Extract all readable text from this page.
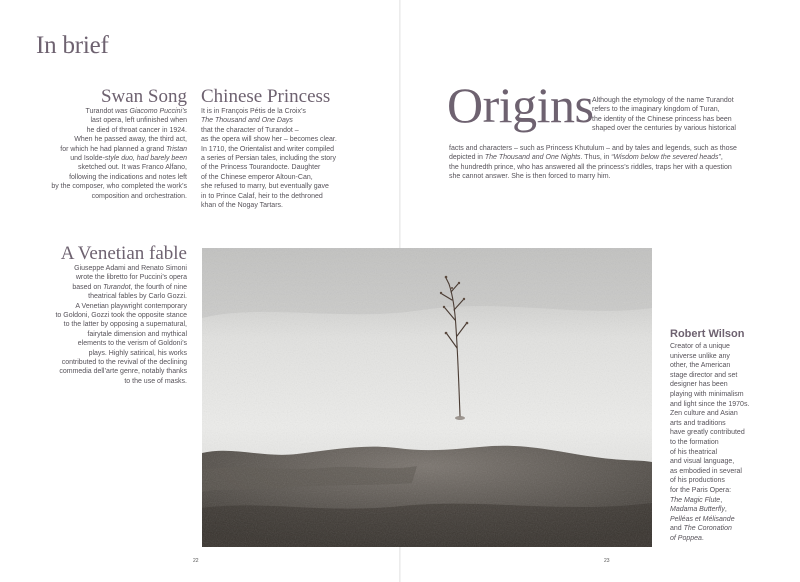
In brief
Swan Song

Turandot was Giacomo Puccini’s
last opera, left unfinished when
he died of throat cancer in 1924.
When he passed away, the third act,
for which he had planned a grand Tristan
und Isolde-style duo, had barely been
sketched out. It was Franco Alfano,
following the indications and notes left
by the composer, who completed the work’s
composition and orchestration.

Chinese Princess

It is in François Pétis de la Croix’s
The Thousand and One Days
that the character of Turandot –
as the opera will show her – becomes clear.
In 1710, the Orientalist and writer compiled
a series of Persian tales, including the story
of the Princess Tourandocte. Daughter
of the Chinese emperor Altoun-Can,
she refused to marry, but eventually gave
in to Prince Calaf, heir to the dethroned
khan of the Nogay Tartars.

Origins

Although the etymology of the name Turandot
refers to the imaginary kingdom of Turan,
the identity of the Chinese princess has been
shaped over the centuries by various historical

facts and characters – such as Princess Khutulum – and by tales and legends, such as those
depicted in The Thousand and One Nights. Thus, in “Wisdom below the severed heads”,
the hundredth prince, who has answered all the princess’s riddles, traps her with a question
she cannot answer. She is then forced to marry him.

A Venetian fable

Giuseppe Adami and Renato Simoni
wrote the libretto for Puccini’s opera
based on Turandot, the fourth of nine
theatrical fables by Carlo Gozzi.
A Venetian playwright contemporary
to Goldoni, Gozzi took the opposite stance
to the latter by opposing a supernatural,
fairytale dimension and mythical
elements to the verism of Goldoni’s
plays. Highly satirical, his works
contributed to the revival of the declining
commedia dell’arte genre, notably thanks
to the use of masks.

Robert Wilson

Creator of a unique
universe unlike any
other, the American
stage director and set
designer has been
playing with minimalism
and light since the 1970s.
Zen culture and Asian
arts and traditions
have greatly contributed
to the formation
of his theatrical
and visual language,
as embodied in several
of his productions
for the Paris Opera:
The Magic Flute,
Madama Butterfly,
Pelléas et Mélisande
and The Coronation
of Poppea.

22	23
